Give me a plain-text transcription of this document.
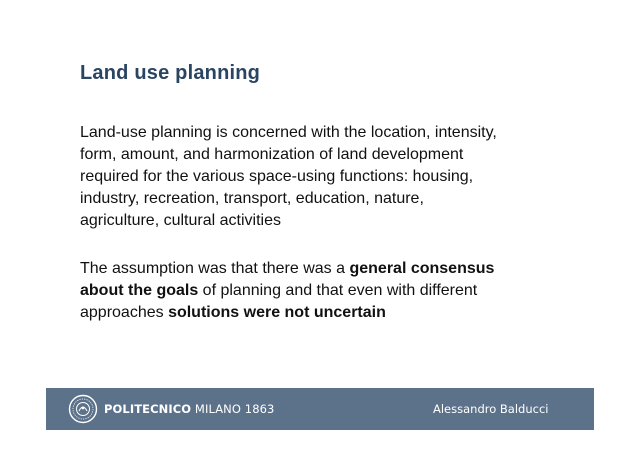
Land use planning
Land-use planning is concerned with the location, intensity,
form, amount, and harmonization of land development
required for the various space-using functions: housing,
industry, recreation, transport, education, nature,
agriculture, cultural activities
The assumption was that there was a general consensus
about the goals of planning and that even with different
approaches solutions were not uncertain
POLITECNICO MILANO 1863	Alessandro Balducci
